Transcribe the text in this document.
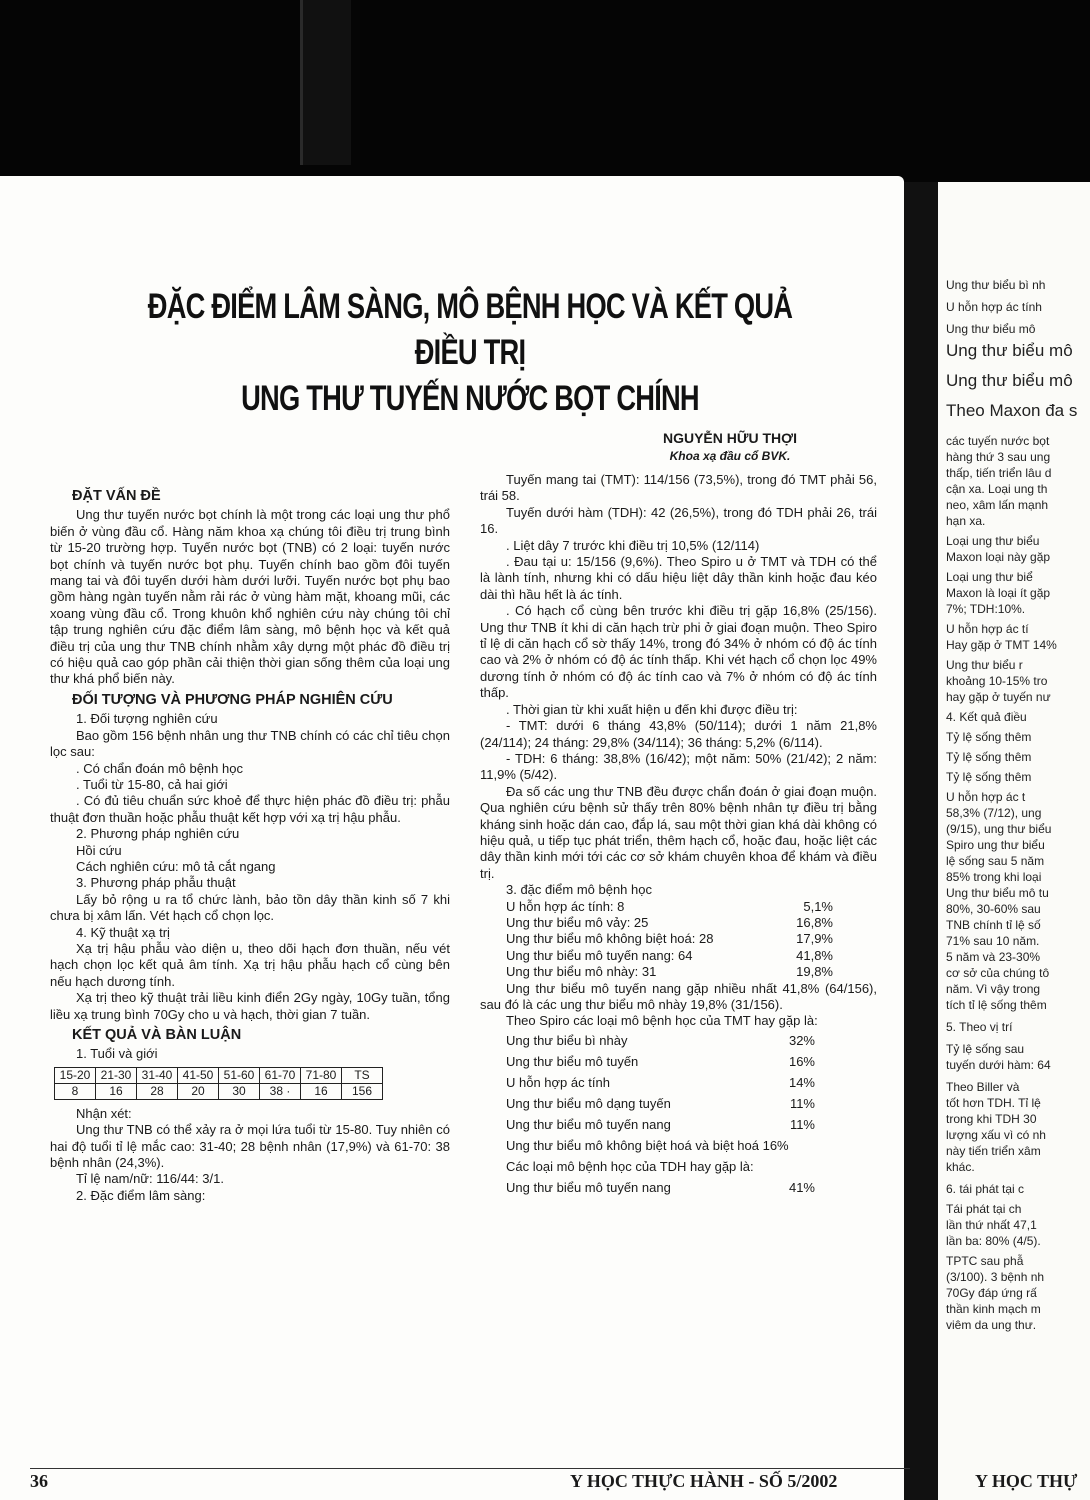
Ung thư biểu bì nh
U hỗn hợp ác tính
Ung thư biểu mô
Ung thư biểu mô
Ung thư biểu mô
Theo Maxon đa s
các tuyến nước bọt
hàng thứ 3 sau ung
thấp, tiến triển lâu d
cận xa. Loại ung th
neo, xâm lấn mạnh
hạn xa.
Loại ung thư biểu
Maxon loại này gặp
Loại ung thư biể
Maxon là loại ít gặp
7%; TDH:10%.
U hỗn hợp ác tí
Hay gặp ở TMT 14%
Ung thư biểu r
khoảng 10-15% tro
hay gặp ở tuyến nư
4. Kết quả điều
Tỷ lệ sống thêm
Tỷ lệ sống thêm
Tỷ lệ sống thêm
U hỗn hợp ác t
58,3% (7/12), ung
(9/15), ung thư biểu
Spiro ung thư biểu
lệ sống sau 5 năm
85% trong khi loại
Ung thư biểu mô tu
80%, 30-60% sau
TNB chính tỉ lệ số
71% sau 10 năm.
5 năm và 23-30%
cơ sở của chúng tô
năm. Vì vậy trong
tích tỉ lệ sống thêm
5. Theo vị trí
Tỷ lệ sống sau
tuyến dưới hàm: 64
Theo Biller và
tốt hơn TDH. Tỉ lệ
trong khi TDH 30
lượng xấu vì có nh
này tiến triển xâm
khác.
6. tái phát tại c
Tái phát tại ch
lần thứ nhất 47,1
lần ba: 80% (4/5).
TPTC sau phẫ
(3/100). 3 bệnh nh
70Gy đáp ứng rấ
thần kinh mạch m
viêm da ung thư.
ĐẶC ĐIỂM LÂM SÀNG, MÔ BỆNH HỌC VÀ KẾT QUẢ ĐIỀU TRỊ
UNG THƯ TUYẾN NƯỚC BỌT CHÍNH
NGUYỄN HỮU THỢI
Khoa xạ đầu cổ BVK.
ĐẶT VẤN ĐỀ

Ung thư tuyến nước bọt chính là một trong các loại ung thư phổ biến ở vùng đầu cổ. Hàng năm khoa xạ chúng tôi điều trị trung bình từ 15-20 trường hợp. Tuyến nước bọt (TNB) có 2 loại: tuyến nước bọt chính và tuyến nước bọt phụ. Tuyến chính bao gồm đôi tuyến mang tai và đôi tuyến dưới hàm dưới lưỡi. Tuyến nước bọt phụ bao gồm hàng ngàn tuyến nằm rải rác ở vùng hàm mặt, khoang mũi, các xoang vùng đầu cổ. Trong khuôn khổ nghiên cứu này chúng tôi chỉ tập trung nghiên cứu đặc điểm lâm sàng, mô bệnh học và kết quả điều trị của ung thư TNB chính nhằm xây dựng một phác đồ điều trị có hiệu quả cao góp phần cải thiện thời gian sống thêm của loại ung thư khá phổ biến này.

ĐỐI TƯỢNG VÀ PHƯƠNG PHÁP NGHIÊN CỨU

1. Đối tượng nghiên cứu

Bao gồm 156 bệnh nhân ung thư TNB chính có các chỉ tiêu chọn lọc sau:

. Có chẩn đoán mô bệnh học

. Tuổi từ 15-80, cả hai giới

. Có đủ tiêu chuẩn sức khoẻ để thực hiện phác đồ điều trị: phẫu thuật đơn thuần hoặc phẫu thuật kết hợp với xạ trị hậu phẫu.

2. Phương pháp nghiên cứu

Hồi cứu

Cách nghiên cứu: mô tả cắt ngang

3. Phương pháp phẫu thuật

Lấy bỏ rộng u ra tổ chức lành, bảo tồn dây thần kinh số 7 khi chưa bị xâm lấn. Vét hạch cổ chọn lọc.

4. Kỹ thuật xạ trị

Xạ trị hậu phẫu vào diện u, theo dõi hạch đơn thuần, nếu vét hạch chọn lọc kết quả âm tính. Xạ trị hậu phẫu hạch cổ cùng bên nếu hạch dương tính.

Xạ trị theo kỹ thuật trải liều kinh điển 2Gy ngày, 10Gy tuần, tổng liều xạ trung bình 70Gy cho u và hạch, thời gian 7 tuần.

KẾT QUẢ VÀ BÀN LUẬN

1. Tuổi và giới

15-20	21-30	31-40	41-50	51-60	61-70	71-80	TS
8	16	28	20	30	38 ·	16	156

Nhận xét:

Ung thư TNB có thể xảy ra ở mọi lứa tuổi từ 15-80. Tuy nhiên có hai độ tuổi tỉ lệ mắc cao: 31-40; 28 bệnh nhân (17,9%) và 61-70: 38 bệnh nhân (24,3%).

Tỉ lệ nam/nữ: 116/44: 3/1.

2. Đặc điểm lâm sàng:

Tuyến mang tai (TMT): 114/156 (73,5%), trong đó TMT phải 56, trái 58.

Tuyến dưới hàm (TDH): 42 (26,5%), trong đó TDH phải 26, trái 16.

. Liệt dây 7 trước khi điều trị 10,5% (12/114)

. Đau tại u: 15/156 (9,6%). Theo Spiro u ở TMT và TDH có thể là lành tính, nhưng khi có dấu hiệu liệt dây thần kinh hoặc đau kéo dài thì hầu hết là ác tính.

. Có hạch cổ cùng bên trước khi điều trị gặp 16,8% (25/156). Ung thư TNB ít khi di căn hạch trừ phi ở giai đoạn muộn. Theo Spiro tỉ lệ di căn hạch cổ sờ thấy 14%, trong đó 34% ở nhóm có độ ác tính cao và 2% ở nhóm có độ ác tính thấp. Khi vét hạch cổ chọn lọc 49% dương tính ở nhóm có độ ác tính cao và 7% ở nhóm có độ ác tính thấp.

. Thời gian từ khi xuất hiện u đến khi được điều trị:

- TMT: dưới 6 tháng 43,8% (50/114); dưới 1 năm 21,8% (24/114); 24 tháng: 29,8% (34/114); 36 tháng: 5,2% (6/114).

- TDH: 6 tháng: 38,8% (16/42); một năm: 50% (21/42); 2 năm: 11,9% (5/42).

Đa số các ung thư TNB đều được chẩn đoán ở giai đoạn muộn. Qua nghiên cứu bệnh sử thấy trên 80% bệnh nhân tự điều trị bằng kháng sinh hoặc dán cao, đắp lá, sau một thời gian khá dài không có hiệu quả, u tiếp tục phát triển, thêm hạch cổ, hoặc đau, hoặc liệt các dây thần kinh mới tới các cơ sở khám chuyên khoa để khám và điều trị.

3. đặc điểm mô bệnh học

U hỗn hợp ác tính: 8	5,1%
Ung thư biểu mô vảy: 25	16,8%
Ung thư biểu mô không biệt hoá: 28	17,9%
Ung thư biểu mô tuyến nang: 64	41,8%
Ung thư biểu mô nhày: 31	19,8%

Ung thư biểu mô tuyến nang gặp nhiều nhất 41,8% (64/156), sau đó là các ung thư biểu mô nhày 19,8% (31/156).

Theo Spiro các loại mô bệnh học của TMT hay gặp là:

Ung thư biểu bì nhày	32%
Ung thư biểu mô tuyến	16%
U hỗn hợp ác tính	14%
Ung thư biểu mô dạng tuyến	11%
Ung thư biểu mô tuyến nang	11%
Ung thư biểu mô không biệt hoá và biệt hoá 16%
Các loại mô bệnh học của TDH hay gặp là:
Ung thư biểu mô tuyến nang	41%
36	Y HỌC THỰC HÀNH - SỐ 5/2002	Y HỌC THỰ
